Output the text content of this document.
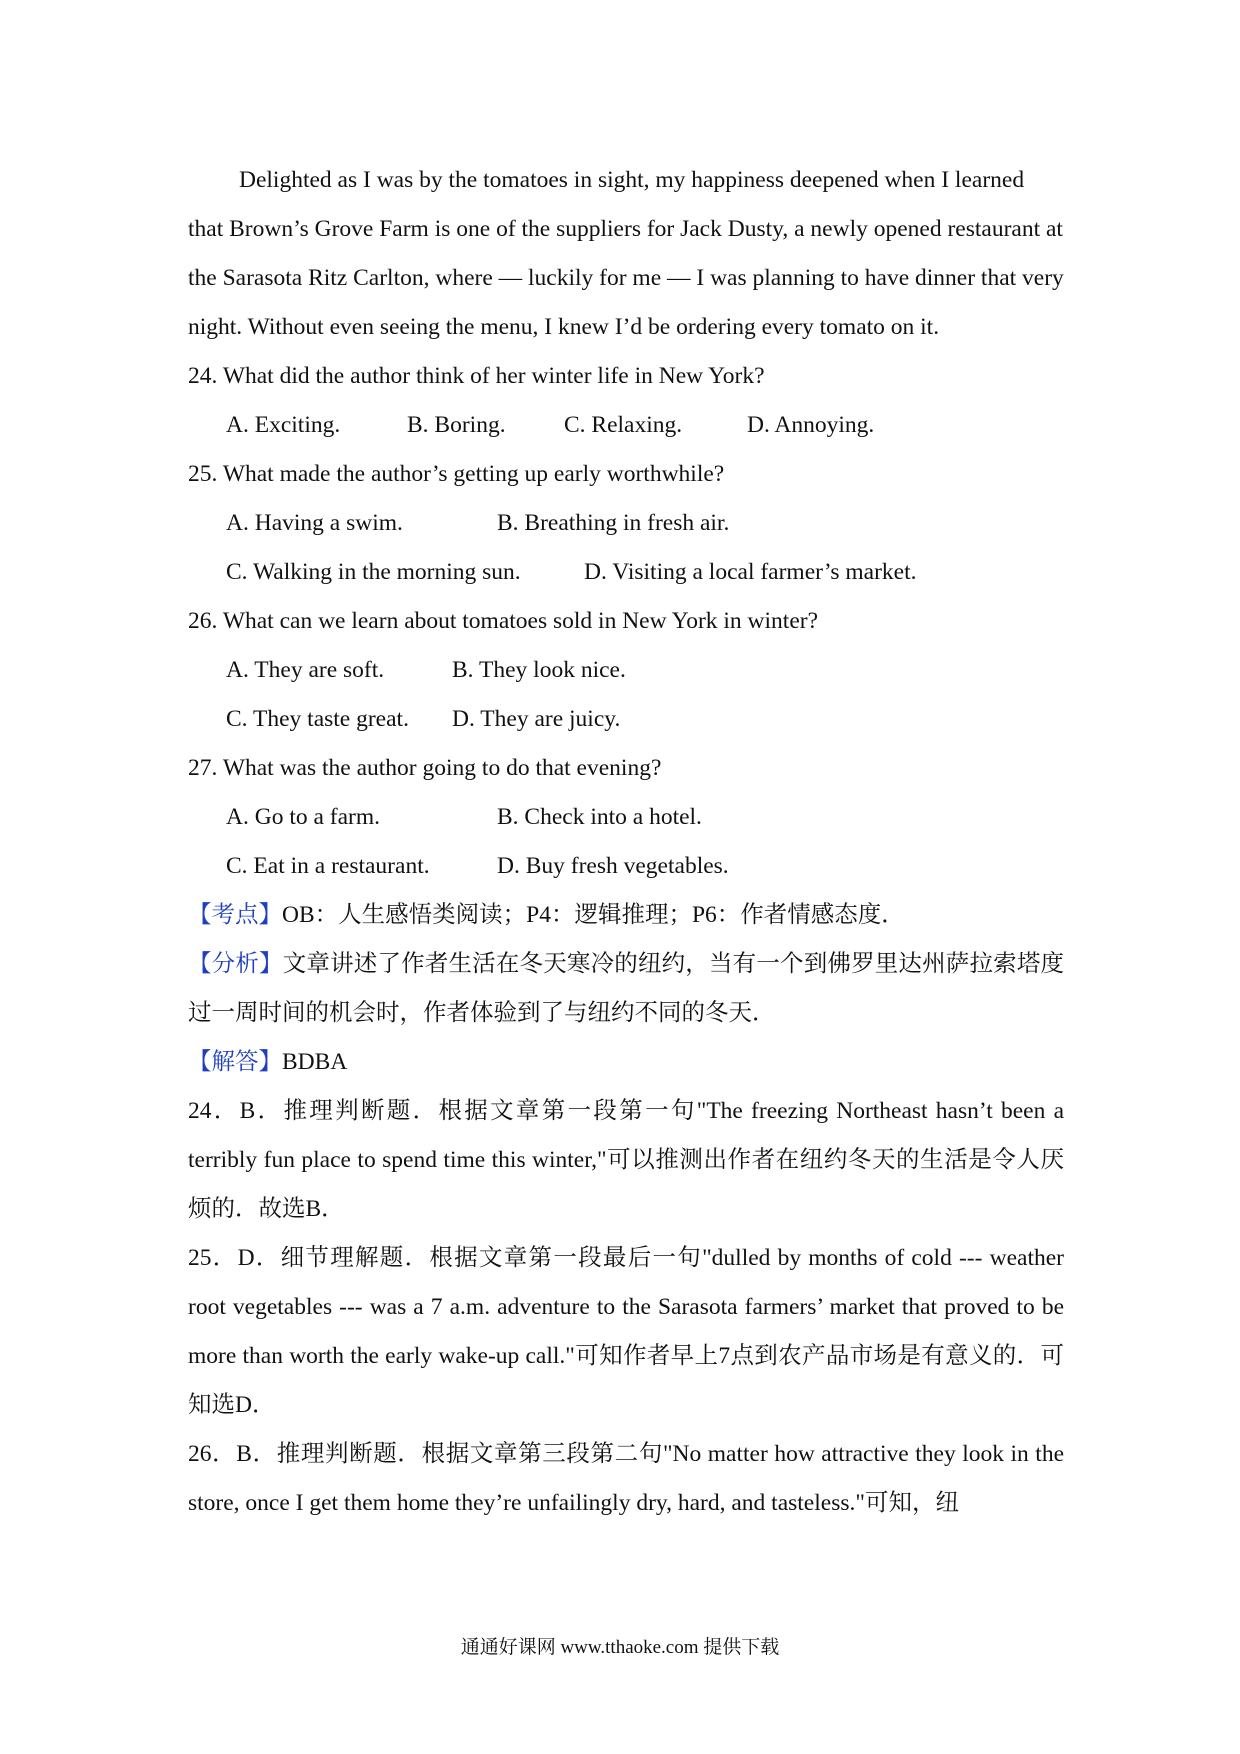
Delighted as I was by the tomatoes in sight, my happiness deepened when I learned that Brown’s Grove Farm is one of the suppliers for Jack Dusty, a newly opened restaurant at the Sarasota Ritz Carlton, where — luckily for me — I was planning to have dinner that very night. Without even seeing the menu, I knew I’d be ordering every tomato on it.

24. What did the author think of her winter life in New York?

A. Exciting.	B. Boring.	C. Relaxing.	D. Annoying.

25. What made the author’s getting up early worthwhile?

A. Having a swim.	B. Breathing in fresh air.
C. Walking in the morning sun.	D. Visiting a local farmer’s market.

26. What can we learn about tomatoes sold in New York in winter?

A. They are soft.	B. They look nice.
C. They taste great.	D. They are juicy.

27. What was the author going to do that evening?

A. Go to a farm.	B. Check into a hotel.
C. Eat in a restaurant.	D. Buy fresh vegetables.

【考点】OB：人生感悟类阅读；P4：逻辑推理；P6：作者情感态度．

【分析】文章讲述了作者生活在冬天寒冷的纽约，当有一个到佛罗里达州萨拉索塔度过一周时间的机会时，作者体验到了与纽约不同的冬天．

【解答】BDBA

24．B．推理判断题．根据文章第一段第一句"The freezing Northeast hasn’t been a terribly fun place to spend time this winter,"可以推测出作者在纽约冬天的生活是令人厌烦的．故选B．

25．D．细节理解题．根据文章第一段最后一句"dulled by months of cold --- weather root vegetables --- was a 7 a.m. adventure to the Sarasota farmers’ market that proved to be more than worth the early wake-up call."可知作者早上7点到农产品市场是有意义的．可知选D．

26．B．推理判断题．根据文章第三段第二句"No matter how attractive they look in the store, once I get them home they’re unfailingly dry, hard, and tasteless."可知，纽

通通好课网 www.tthaoke.com 提供下载
